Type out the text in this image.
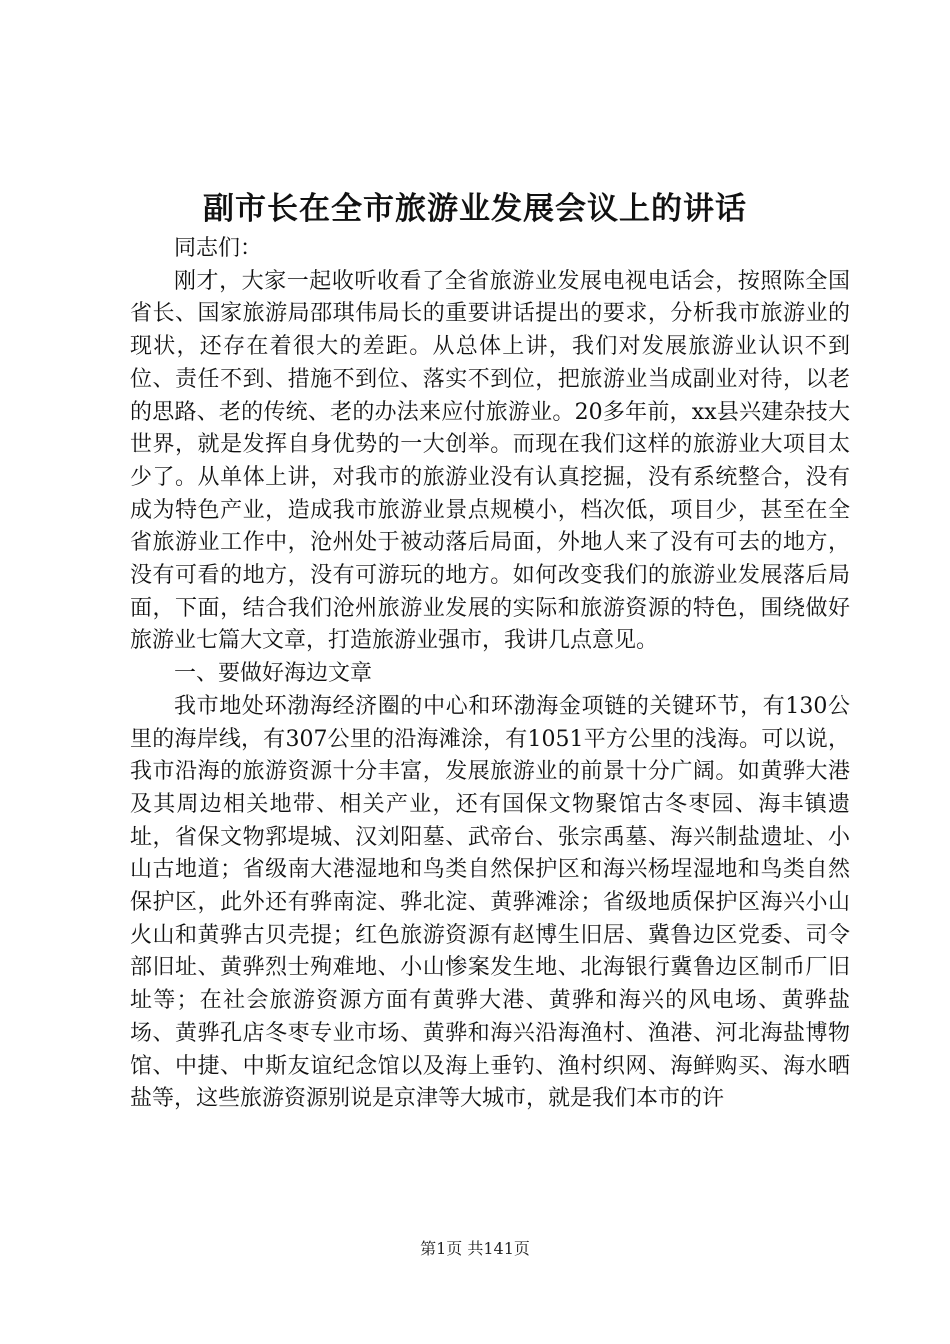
副市长在全市旅游业发展会议上的讲话

同志们：

刚才，大家一起收听收看了全省旅游业发展电视电话会，按照陈全国省长、国家旅游局邵琪伟局长的重要讲话提出的要求，分析我市旅游业的现状，还存在着很大的差距。从总体上讲，我们对发展旅游业认识不到位、责任不到、措施不到位、落实不到位，把旅游业当成副业对待，以老的思路、老的传统、老的办法来应付旅游业。20多年前，xx县兴建杂技大世界，就是发挥自身优势的一大创举。而现在我们这样的旅游业大项目太少了。从单体上讲，对我市的旅游业没有认真挖掘，没有系统整合，没有成为特色产业，造成我市旅游业景点规模小，档次低，项目少，甚至在全省旅游业工作中，沧州处于被动落后局面，外地人来了没有可去的地方，没有可看的地方，没有可游玩的地方。如何改变我们的旅游业发展落后局面，下面，结合我们沧州旅游业发展的实际和旅游资源的特色，围绕做好旅游业七篇大文章，打造旅游业强市，我讲几点意见。

一、要做好海边文章

我市地处环渤海经济圈的中心和环渤海金项链的关键环节，有130公里的海岸线，有307公里的沿海滩涂，有1051平方公里的浅海。可以说，我市沿海的旅游资源十分丰富，发展旅游业的前景十分广阔。如黄骅大港及其周边相关地带、相关产业，还有国保文物聚馆古冬枣园、海丰镇遗址，省保文物郛堤城、汉刘阳墓、武帝台、张宗禹墓、海兴制盐遗址、小山古地道；省级南大港湿地和鸟类自然保护区和海兴杨埕湿地和鸟类自然保护区，此外还有骅南淀、骅北淀、黄骅滩涂；省级地质保护区海兴小山火山和黄骅古贝壳提；红色旅游资源有赵博生旧居、冀鲁边区党委、司令部旧址、黄骅烈士殉难地、小山惨案发生地、北海银行冀鲁边区制币厂旧址等；在社会旅游资源方面有黄骅大港、黄骅和海兴的风电场、黄骅盐场、黄骅孔店冬枣专业市场、黄骅和海兴沿海渔村、渔港、河北海盐博物馆、中捷、中斯友谊纪念馆以及海上垂钓、渔村织网、海鲜购买、海水晒盐等，这些旅游资源别说是京津等大城市，就是我们本市的许

第1页 共141页
